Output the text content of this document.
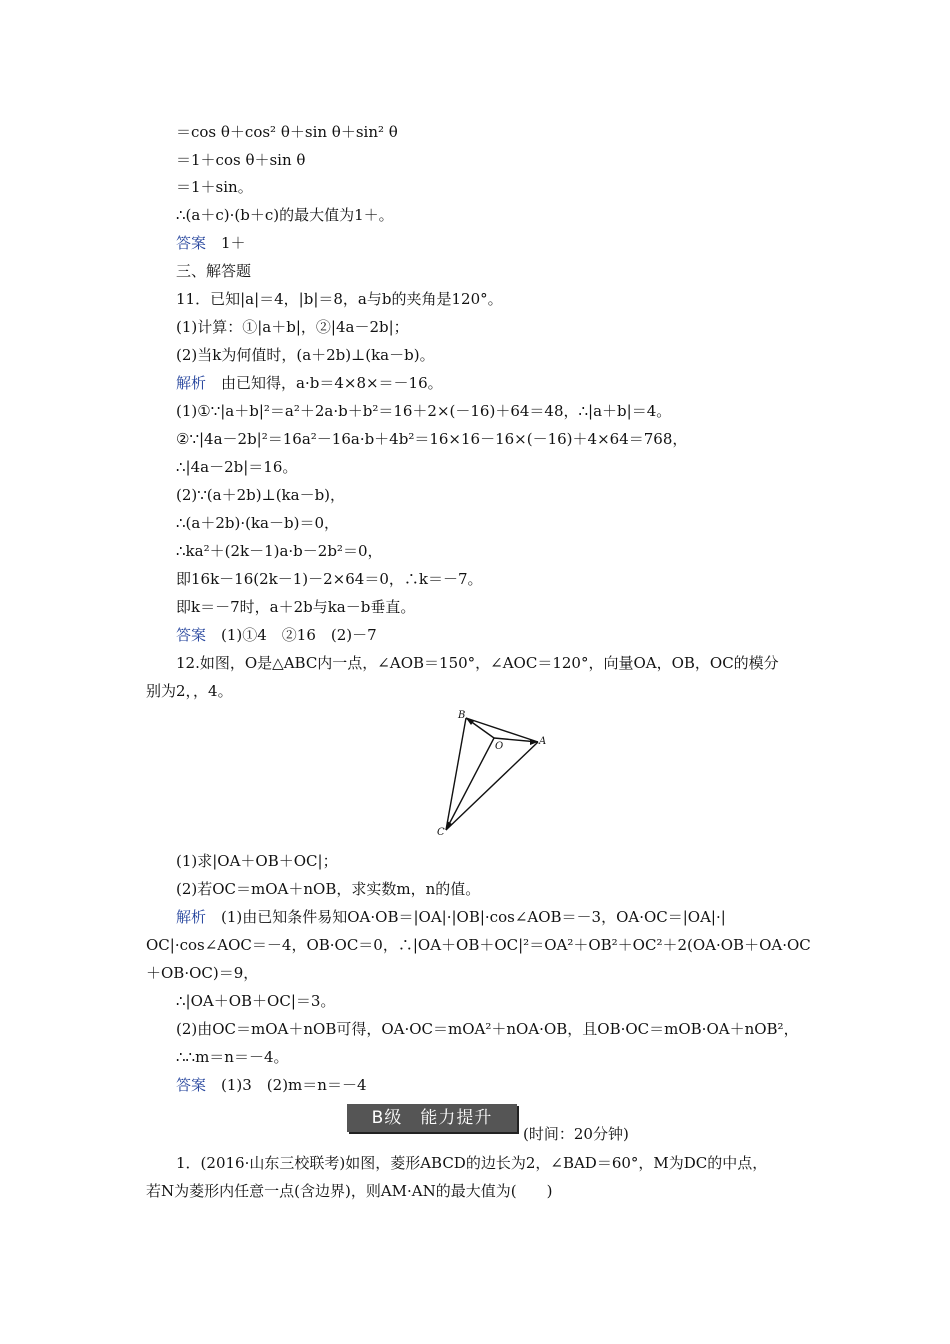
＝cos θ＋cos² θ＋sin θ＋sin² θ
＝1＋cos θ＋sin θ
＝1＋sin。
∴(a＋c)·(b＋c)的最大值为1＋。
答案　1＋
三、解答题
11．已知|a|＝4，|b|＝8，a与b的夹角是120°。
(1)计算：①|a＋b|，②|4a－2b|；
(2)当k为何值时，(a＋2b)⊥(ka－b)。
解析　由已知得，a·b＝4×8×＝－16。
(1)①∵|a＋b|²＝a²＋2a·b＋b²＝16＋2×(－16)＋64＝48，∴|a＋b|＝4。
②∵|4a－2b|²＝16a²－16a·b＋4b²＝16×16－16×(－16)＋4×64＝768，
∴|4a－2b|＝16。
(2)∵(a＋2b)⊥(ka－b)，
∴(a＋2b)·(ka－b)＝0，
∴ka²＋(2k－1)a·b－2b²＝0，
即16k－16(2k－1)－2×64＝0，∴k＝－7。
即k＝－7时，a＋2b与ka－b垂直。
答案　(1)①4　②16　(2)－7
12.如图，O是△ABC内一点，∠AOB＝150°，∠AOC＝120°，向量OA，OB，OC的模分
别为2，，4。
B
O	A
C
(1)求|OA＋OB＋OC|；
(2)若OC＝mOA＋nOB，求实数m，n的值。
解析　(1)由已知条件易知OA·OB＝|OA|·|OB|·cos∠AOB＝－3，OA·OC＝|OA|·|
OC|·cos∠AOC＝－4，OB·OC＝0，∴|OA＋OB＋OC|²＝OA²＋OB²＋OC²＋2(OA·OB＋OA·OC
＋OB·OC)＝9，
∴|OA＋OB＋OC|＝3。
(2)由OC＝mOA＋nOB可得，OA·OC＝mOA²＋nOA·OB，且OB·OC＝mOB·OA＋nOB²，
∴∴m＝n＝－4。
答案　(1)3　(2)m＝n＝－4
B级　能力提升
(时间：20分钟)
1．(2016·山东三校联考)如图，菱形ABCD的边长为2，∠BAD＝60°，M为DC的中点，
若N为菱形内任意一点(含边界)，则AM·AN的最大值为(　　)
